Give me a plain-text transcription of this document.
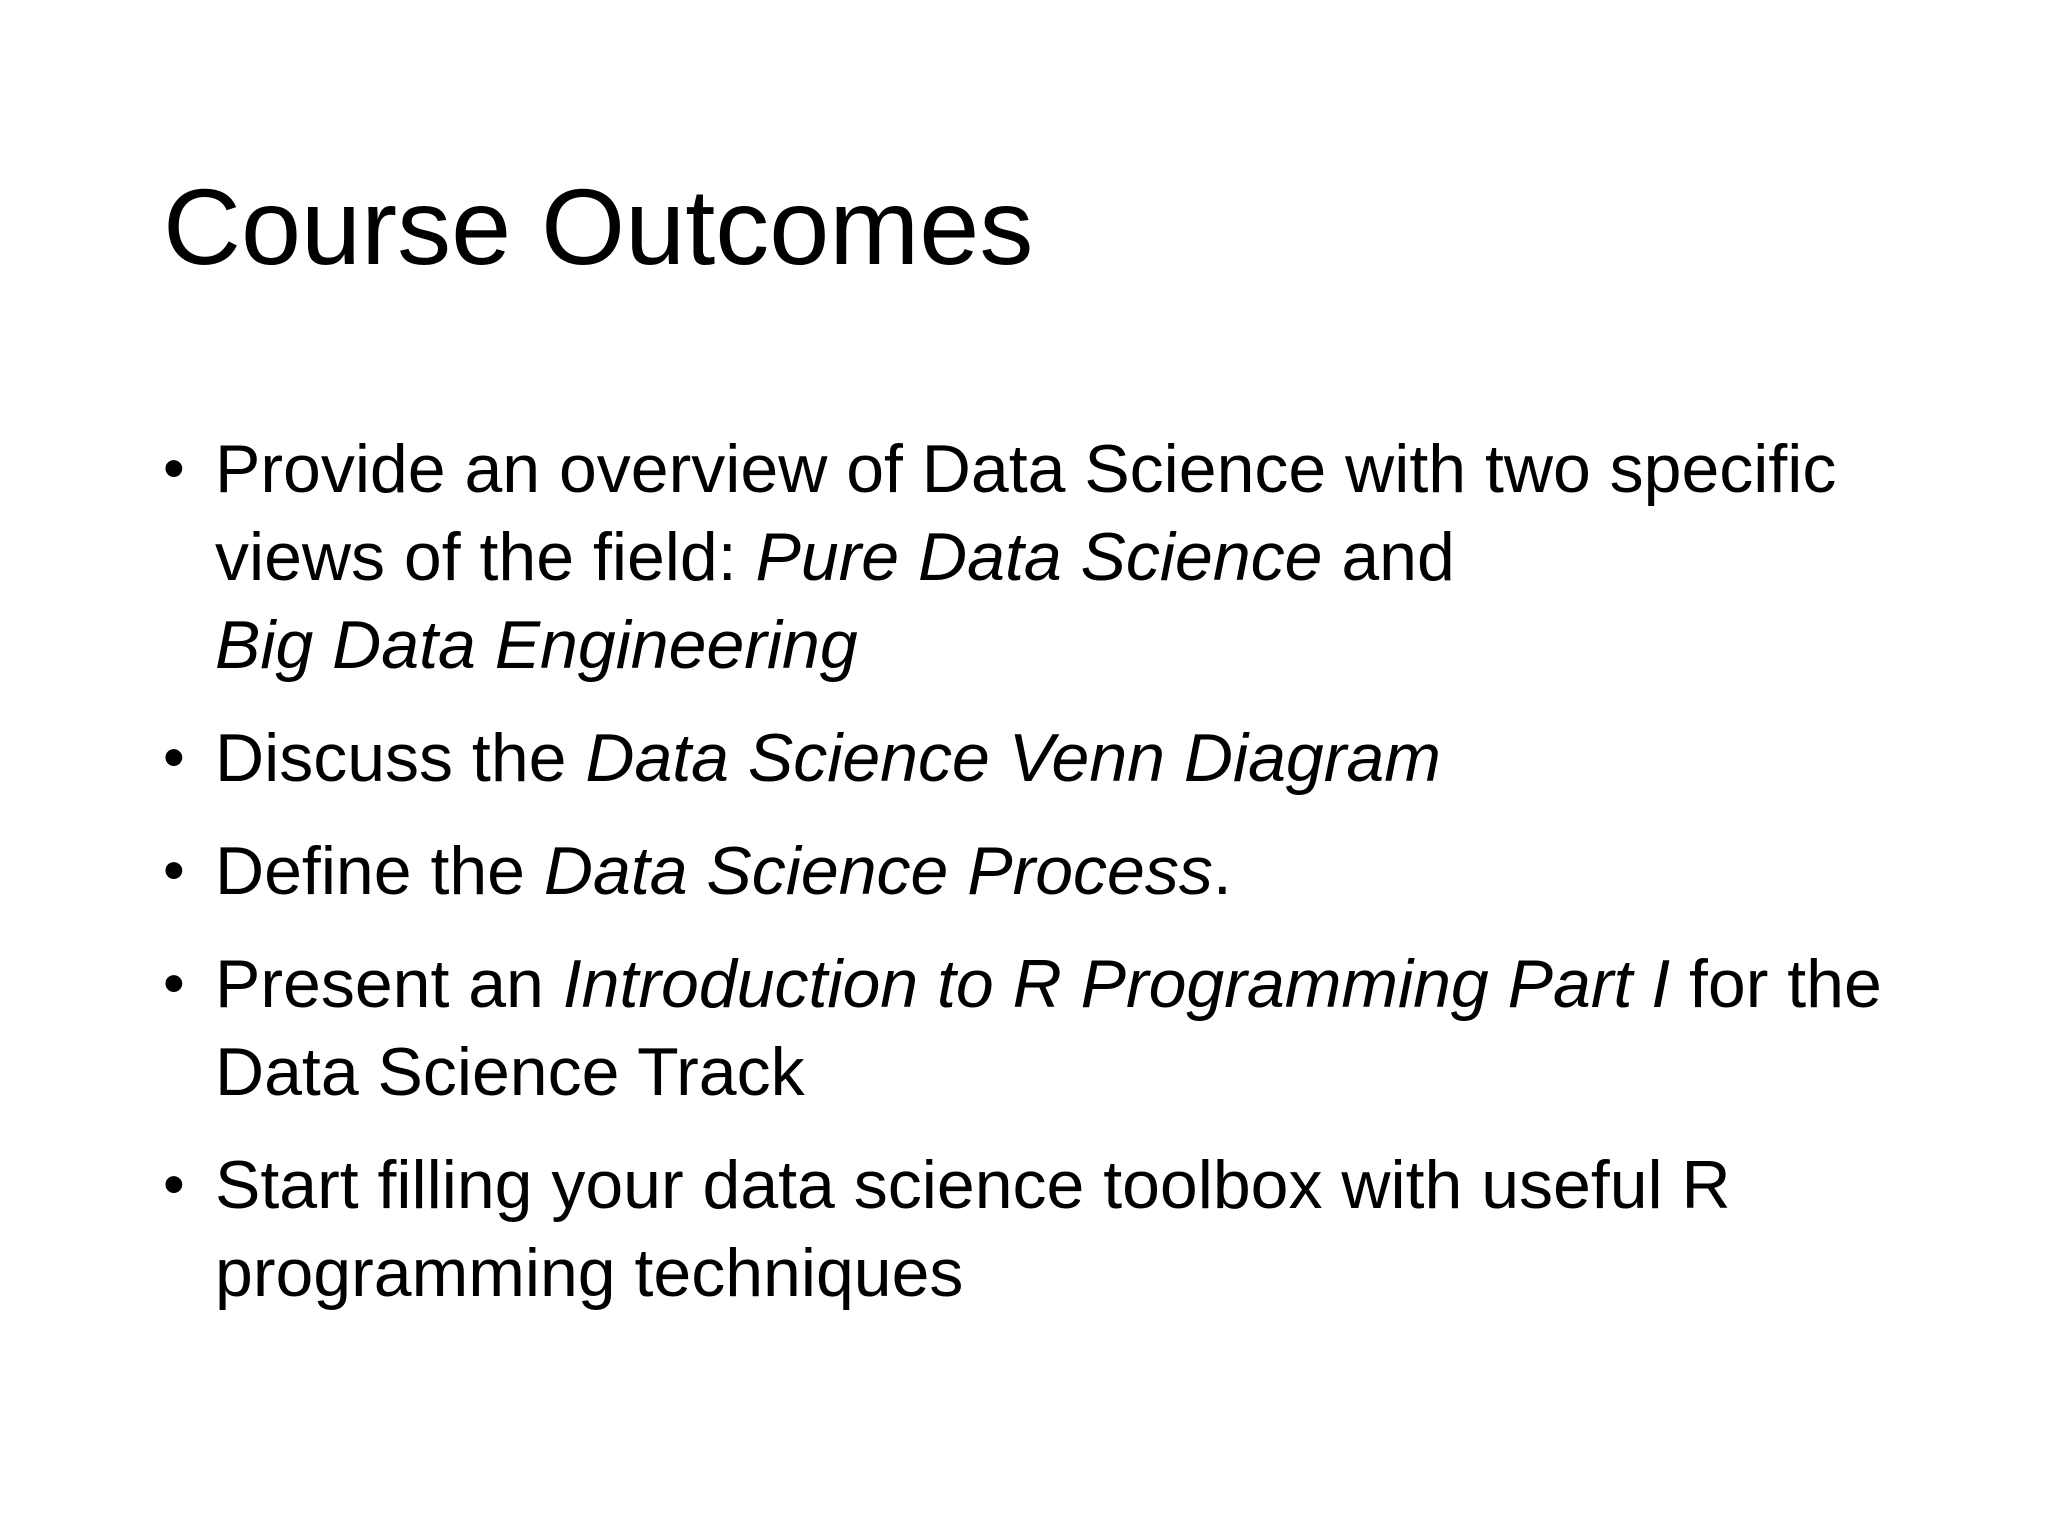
Course Outcomes
• Provide an overview of Data Science with two specific views of the field: Pure Data Science and
Big Data Engineering
• Discuss the Data Science Venn Diagram
• Define the Data Science Process.
• Present an Introduction to R Programming Part I for the Data Science Track
• Start filling your data science toolbox with useful R programming techniques
